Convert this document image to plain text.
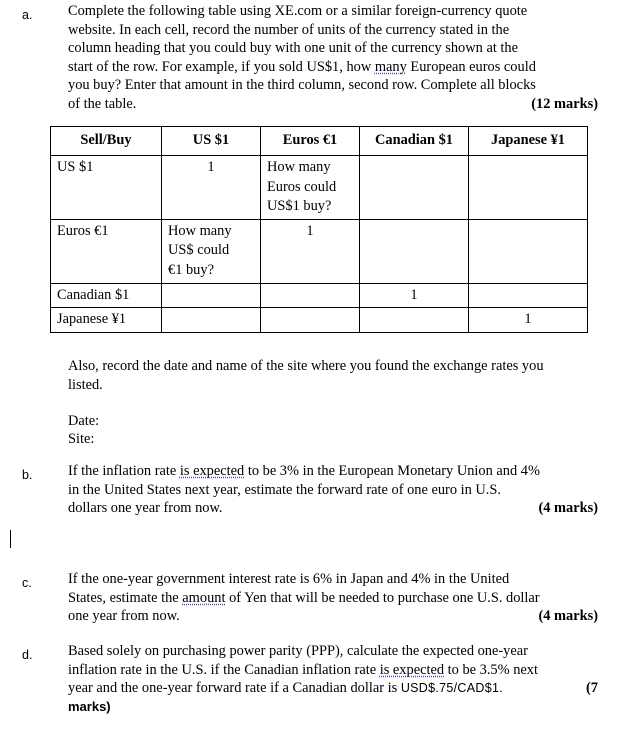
a. Complete the following table using XE.com or a similar foreign-currency quote
website. In each cell, record the number of units of the currency stated in the
column heading that you could buy with one unit of the currency shown at the
start of the row. For example, if you sold US$1, how many European euros could
you buy? Enter that amount in the third column, second row. Complete all blocks
of the table.	(12 marks)
Sell/Buy	US $1	Euros €1	Canadian $1	Japanese ¥1
US $1	1	How many
Euros could
US$1 buy?		

Euros €1	How many
US$ could
€1 buy?	1		
Canadian $1			1	
Japanese ¥1				1
Also, record the date and name of the site where you found the exchange rates you
listed.
Date:
Site:
b. If the inflation rate is expected to be 3% in the European Monetary Union and 4%
in the United States next year, estimate the forward rate of one euro in U.S.
dollars one year from now.	(4 marks)
c.	If the one-year government interest rate is 6% in Japan and 4% in the United
States, estimate the amount of Yen that will be needed to purchase one U.S. dollar
one year from now.	(4 marks)
d. Based solely on purchasing power parity (PPP), calculate the expected one-year
inflation rate in the U.S. if the Canadian inflation rate is expected to be 3.5% next
year and the one-year forward rate if a Canadian dollar is USD$.75/CAD$1.	(7
marks)
